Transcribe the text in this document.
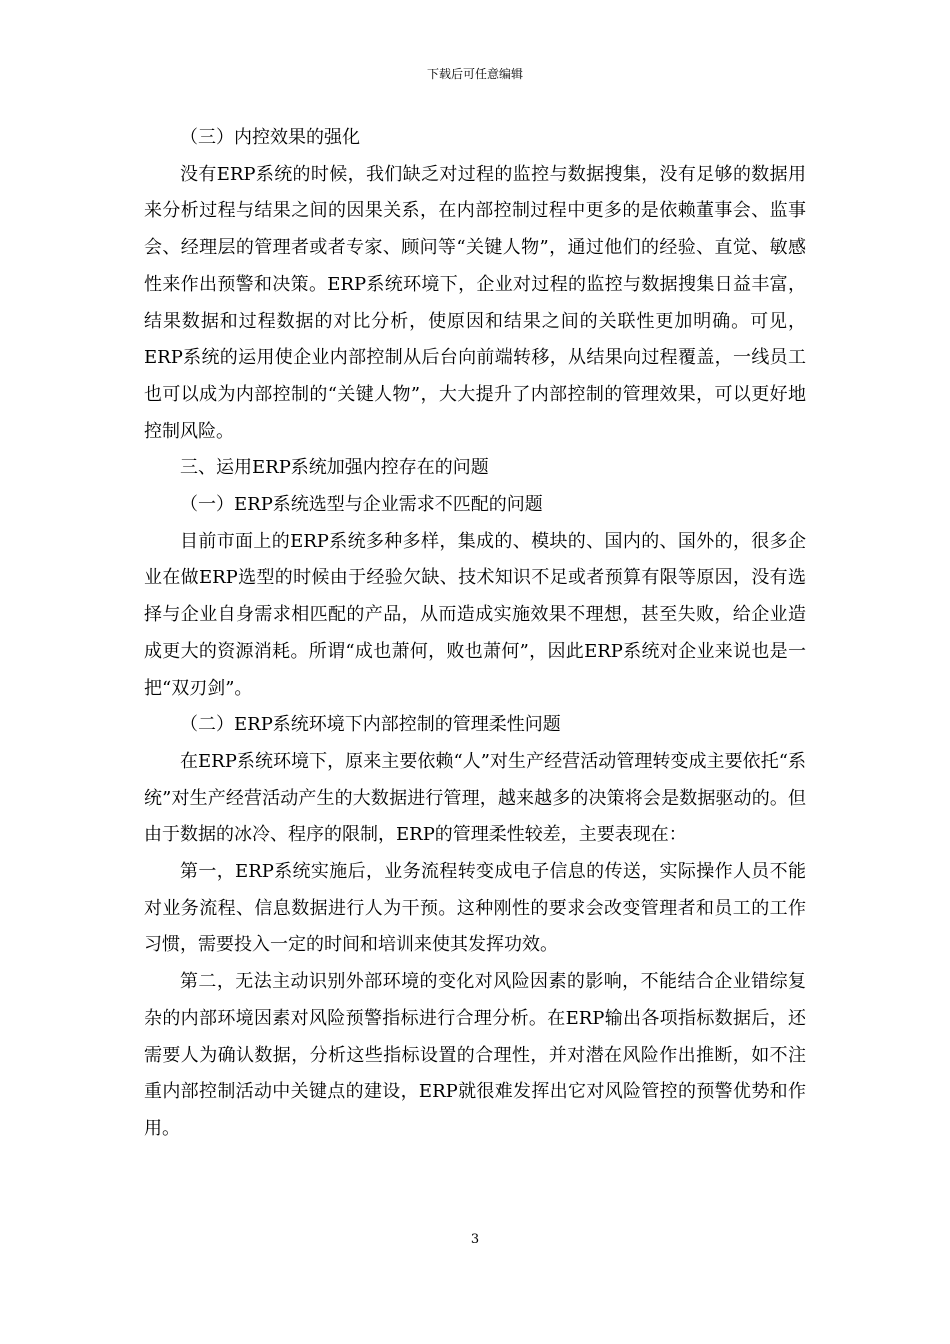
下载后可任意编辑

（三）内控效果的强化

没有ERP系统的时候，我们缺乏对过程的监控与数据搜集，没有足够的数据用来分析过程与结果之间的因果关系，在内部控制过程中更多的是依赖董事会、监事会、经理层的管理者或者专家、顾问等“关键人物”，通过他们的经验、直觉、敏感性来作出预警和决策。ERP系统环境下，企业对过程的监控与数据搜集日益丰富，结果数据和过程数据的对比分析，使原因和结果之间的关联性更加明确。可见，ERP系统的运用使企业内部控制从后台向前端转移，从结果向过程覆盖，一线员工也可以成为内部控制的“关键人物”，大大提升了内部控制的管理效果，可以更好地控制风险。

三、运用ERP系统加强内控存在的问题

（一）ERP系统选型与企业需求不匹配的问题

目前市面上的ERP系统多种多样，集成的、模块的、国内的、国外的，很多企业在做ERP选型的时候由于经验欠缺、技术知识不足或者预算有限等原因，没有选择与企业自身需求相匹配的产品，从而造成实施效果不理想，甚至失败，给企业造成更大的资源消耗。所谓“成也萧何，败也萧何”，因此ERP系统对企业来说也是一把“双刃剑”。

（二）ERP系统环境下内部控制的管理柔性问题

在ERP系统环境下，原来主要依赖“人”对生产经营活动管理转变成主要依托“系统”对生产经营活动产生的大数据进行管理，越来越多的决策将会是数据驱动的。但由于数据的冰冷、程序的限制，ERP的管理柔性较差，主要表现在：

第一，ERP系统实施后，业务流程转变成电子信息的传送，实际操作人员不能对业务流程、信息数据进行人为干预。这种刚性的要求会改变管理者和员工的工作习惯，需要投入一定的时间和培训来使其发挥功效。

第二，无法主动识别外部环境的变化对风险因素的影响，不能结合企业错综复杂的内部环境因素对风险预警指标进行合理分析。在ERP输出各项指标数据后，还需要人为确认数据，分析这些指标设置的合理性，并对潜在风险作出推断，如不注重内部控制活动中关键点的建设，ERP就很难发挥出它对风险管控的预警优势和作用。

3
